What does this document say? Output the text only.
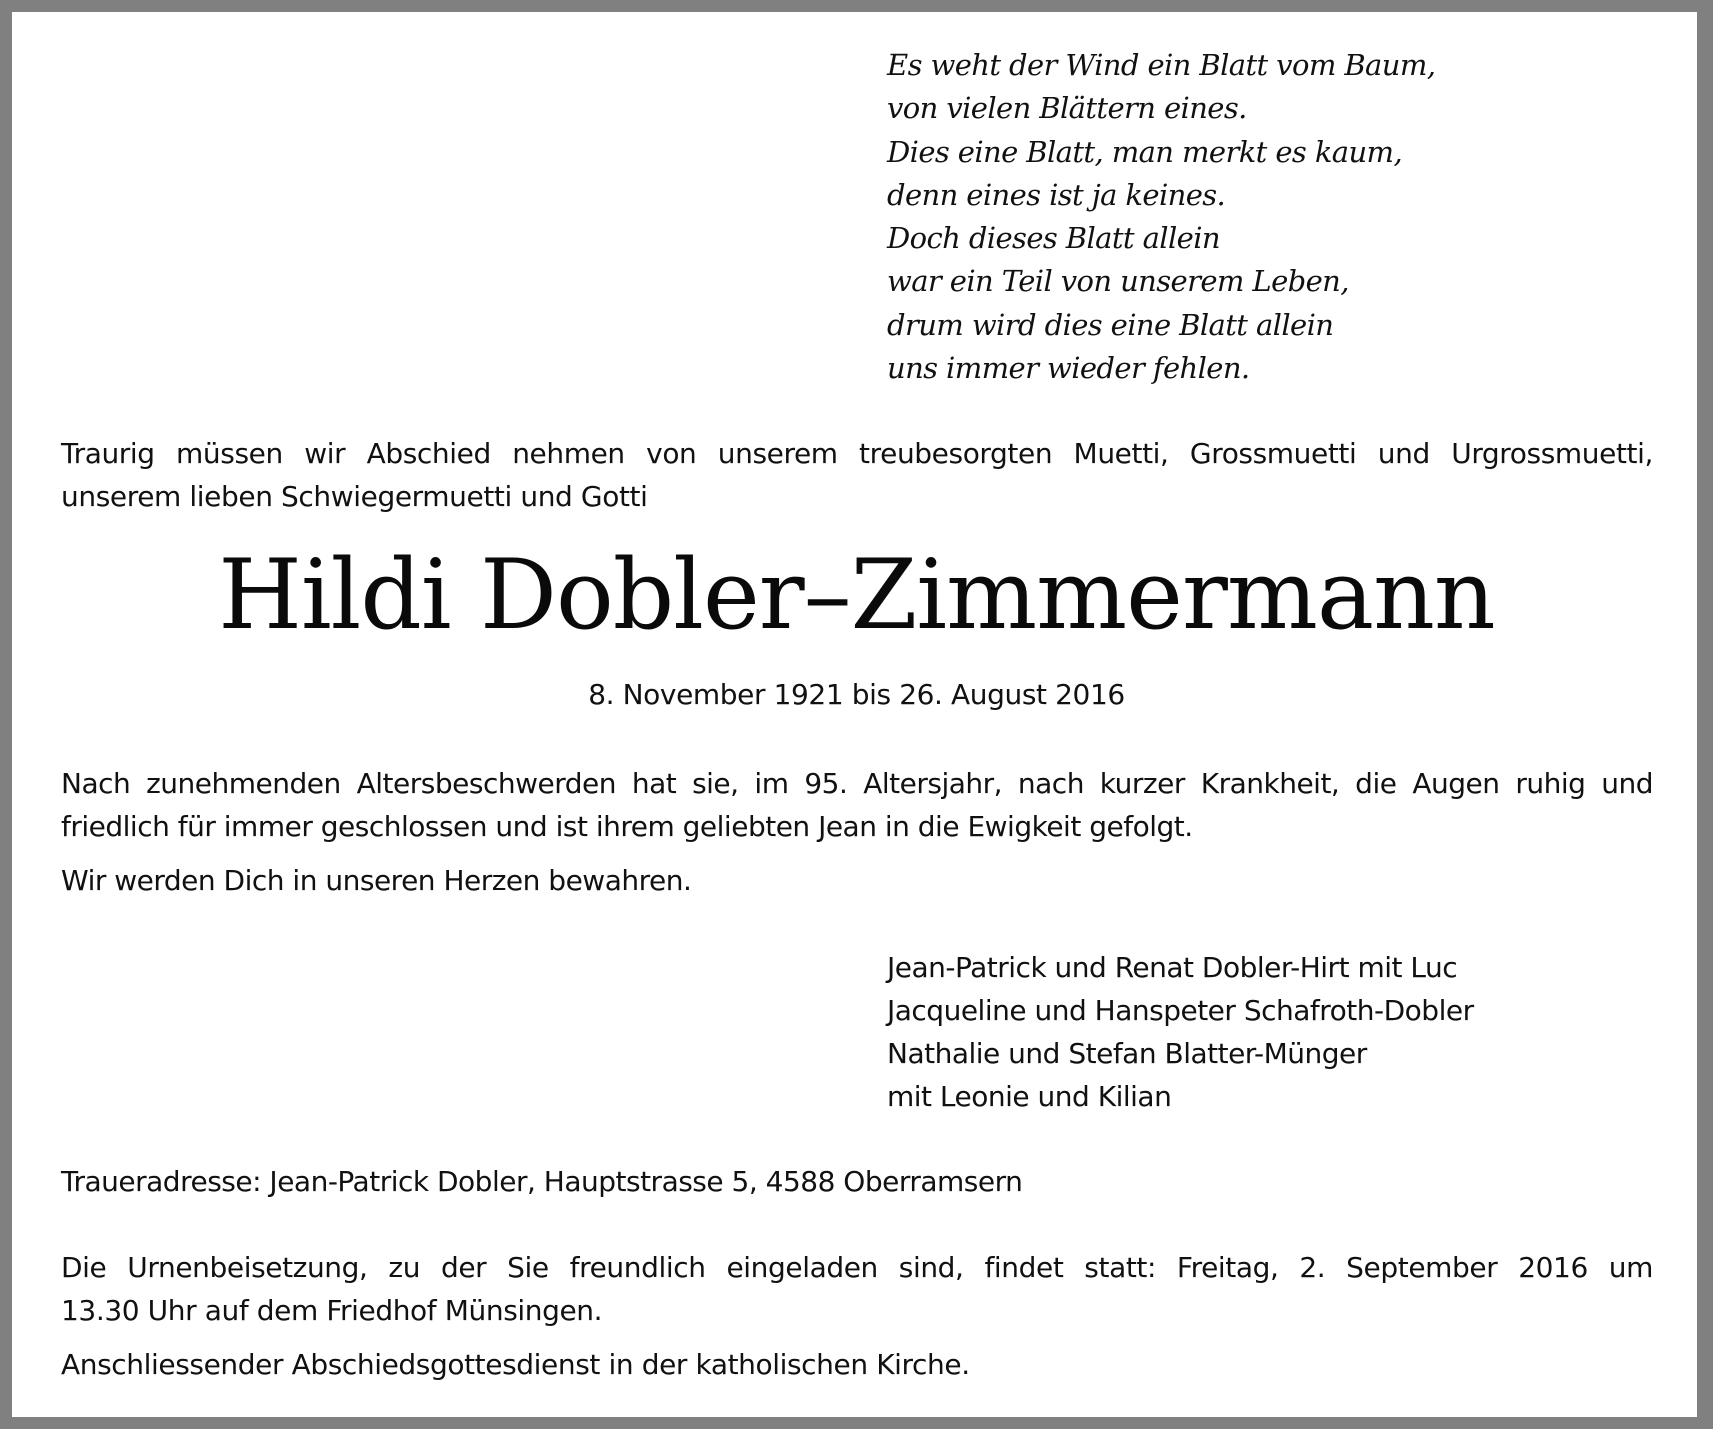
Es weht der Wind ein Blatt vom Baum,
von vielen Blättern eines.
Dies eine Blatt, man merkt es kaum,
denn eines ist ja keines.
Doch dieses Blatt allein
war ein Teil von unserem Leben,
drum wird dies eine Blatt allein
uns immer wieder fehlen.
Traurig müssen wir Abschied nehmen von unserem treubesorgten Muetti, Grossmuetti und Urgrossmuetti,
unserem lieben Schwiegermuetti und Gotti
Hildi Dobler–Zimmermann
8. November 1921 bis 26. August 2016
Nach zunehmenden Altersbeschwerden hat sie, im 95. Altersjahr, nach kurzer Krankheit, die Augen ruhig und
friedlich für immer geschlossen und ist ihrem geliebten Jean in die Ewigkeit gefolgt.
Wir werden Dich in unseren Herzen bewahren.
Jean-Patrick und Renat Dobler-Hirt mit Luc
Jacqueline und Hanspeter Schafroth-Dobler
Nathalie und Stefan Blatter-Münger
mit Leonie und Kilian
Traueradresse: Jean-Patrick Dobler, Hauptstrasse 5, 4588 Oberramsern
Die Urnenbeisetzung, zu der Sie freundlich eingeladen sind, findet statt: Freitag, 2. September 2016 um
13.30 Uhr auf dem Friedhof Münsingen.
Anschliessender Abschiedsgottesdienst in der katholischen Kirche.
